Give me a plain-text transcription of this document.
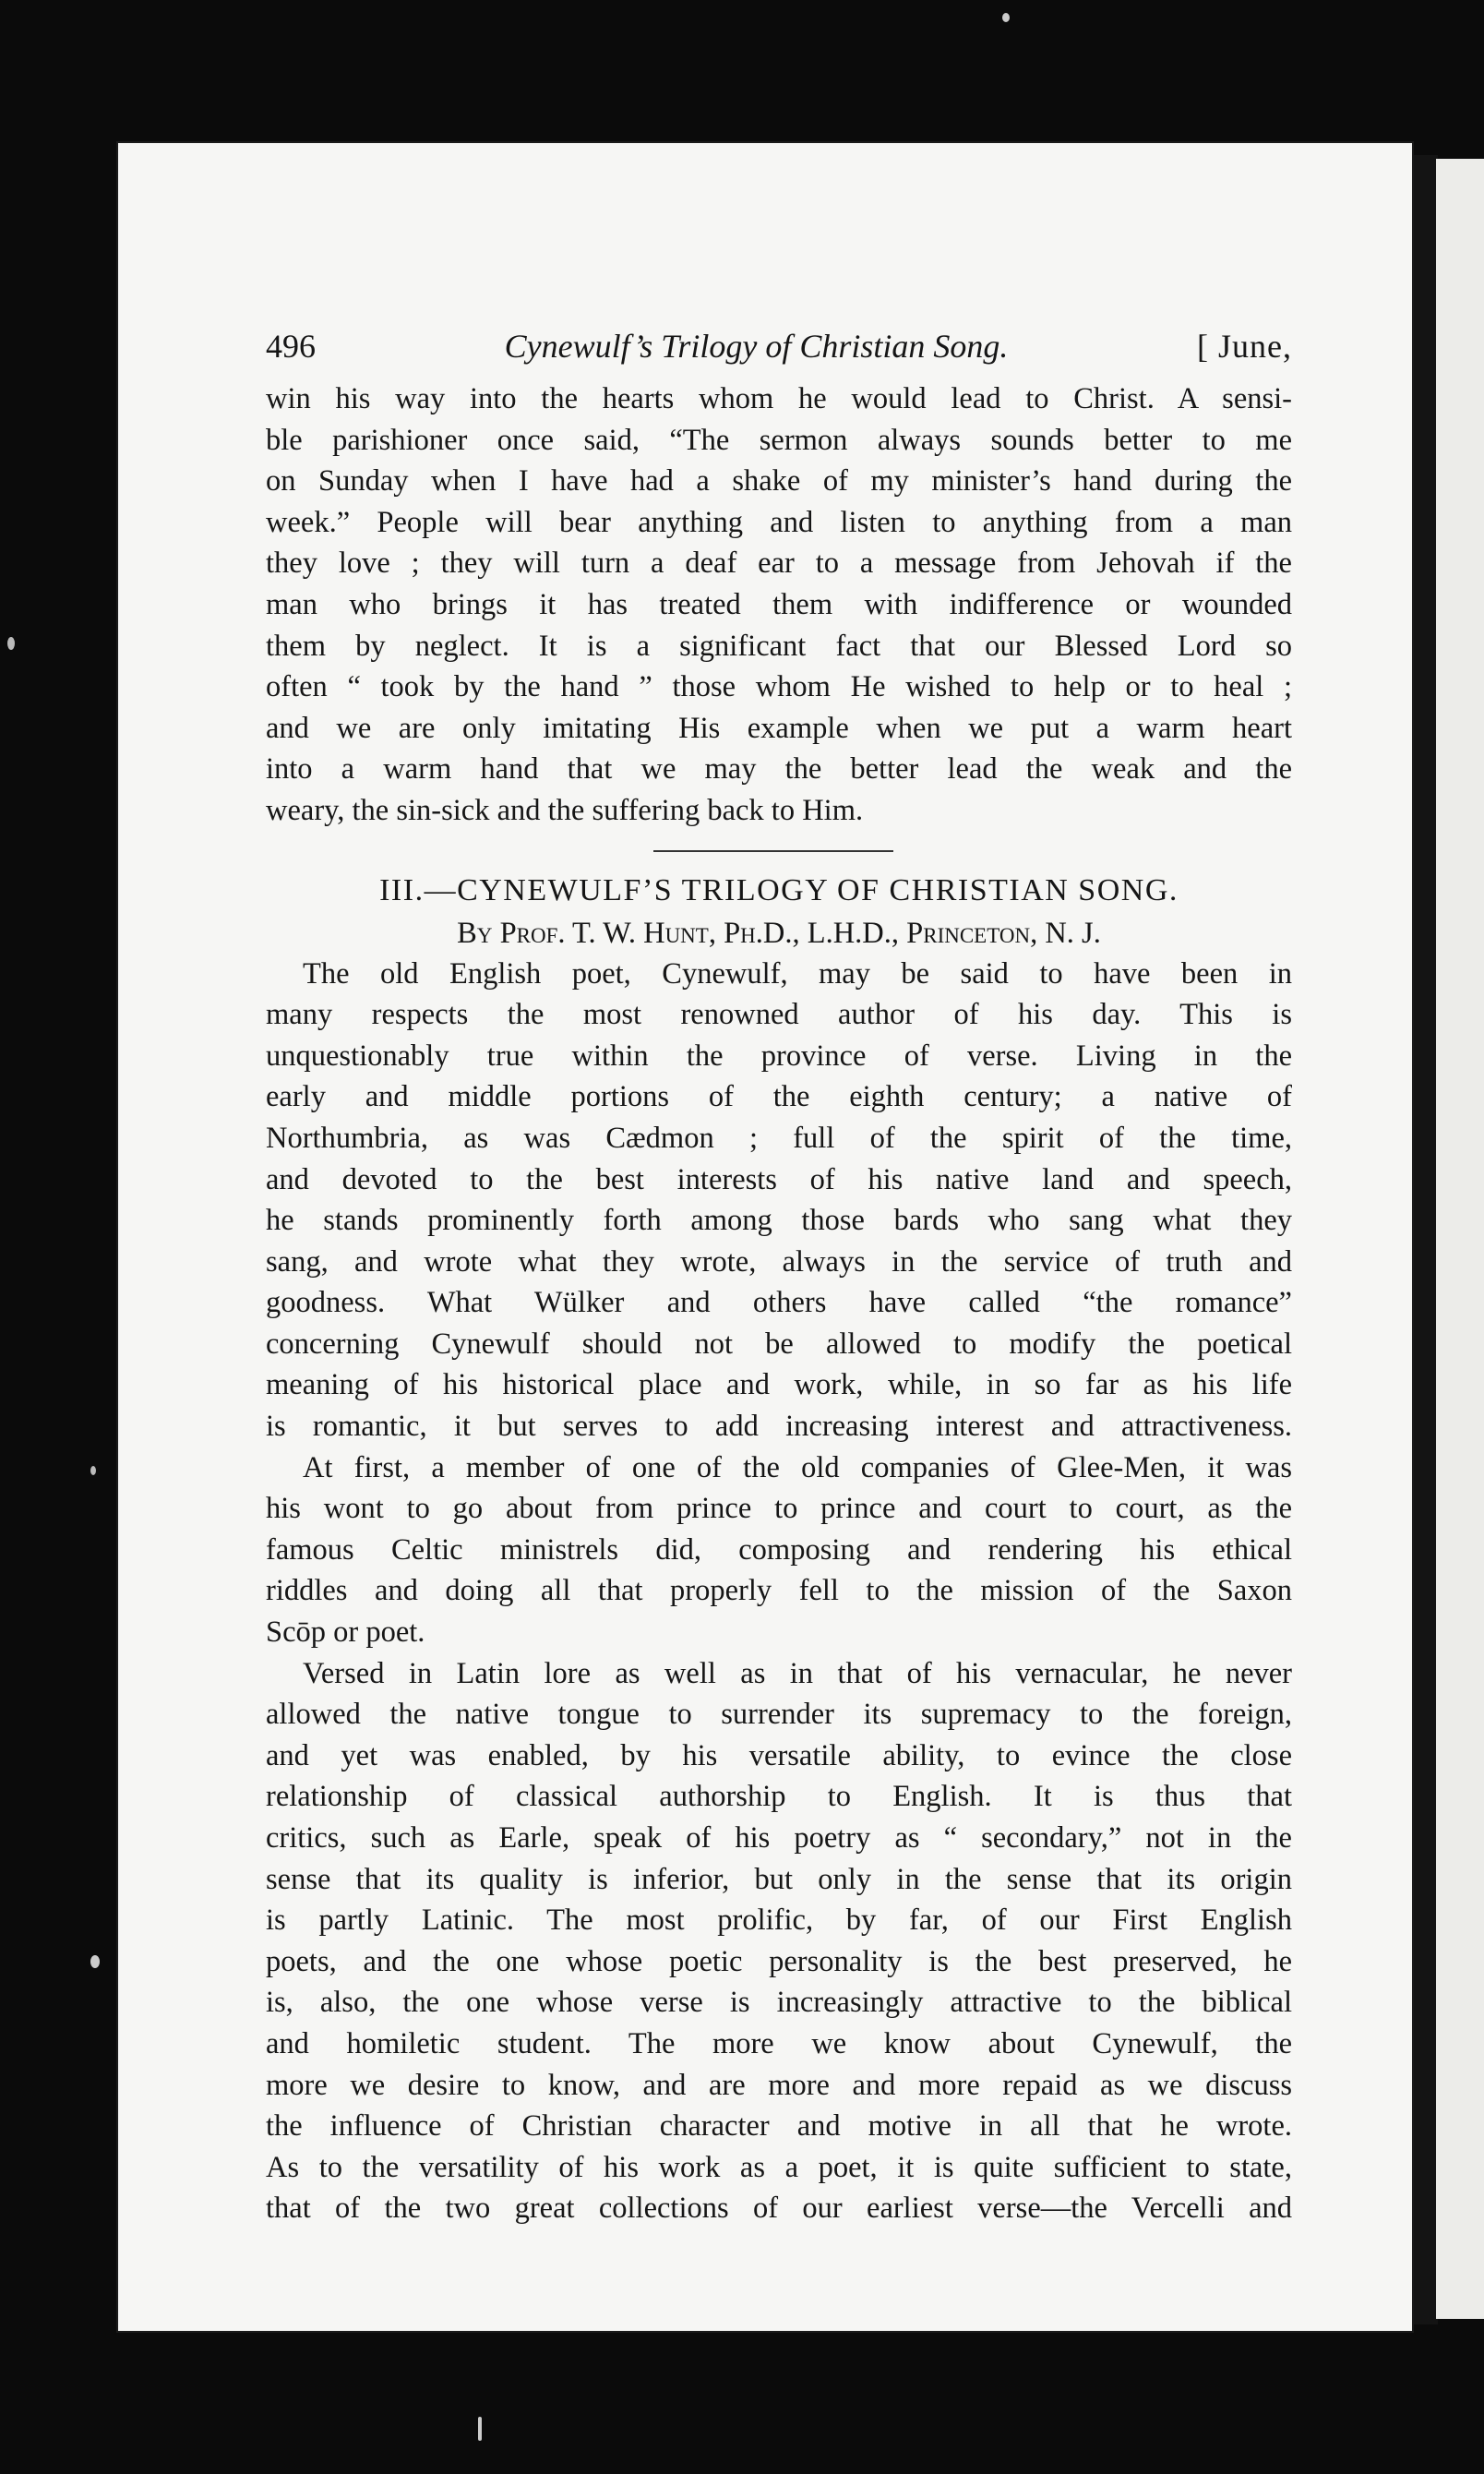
496	Cynewulf’s Trilogy of Christian Song.	[ June,
win his way into the hearts whom he would lead to Christ. A sensi-
ble parishioner once said, “The sermon always sounds better to me
on Sunday when I have had a shake of my minister’s hand during the
week.” People will bear anything and listen to anything from a man
they love ; they will turn a deaf ear to a message from Jehovah if the
man who brings it has treated them with indifference or wounded
them by neglect. It is a significant fact that our Blessed Lord so
often “ took by the hand ” those whom He wished to help or to heal ;
and we are only imitating His example when we put a warm heart
into a warm hand that we may the better lead the weak and the
weary, the sin-sick and the suffering back to Him.
III.—CYNEWULF’S TRILOGY OF CHRISTIAN SONG.
By Prof. T. W. Hunt, Ph.D., L.H.D., Princeton, N. J.
The old English poet, Cynewulf, may be said to have been in
many respects the most renowned author of his day. This is
unquestionably true within the province of verse. Living in the
early and middle portions of the eighth century; a native of
Northumbria, as was Cædmon ; full of the spirit of the time,
and devoted to the best interests of his native land and speech,
he stands prominently forth among those bards who sang what they
sang, and wrote what they wrote, always in the service of truth and
goodness. What Wülker and others have called “the romance”
concerning Cynewulf should not be allowed to modify the poetical
meaning of his historical place and work, while, in so far as his life
is romantic, it but serves to add increasing interest and attractiveness.
At first, a member of one of the old companies of Glee-Men, it was
his wont to go about from prince to prince and court to court, as the
famous Celtic ministrels did, composing and rendering his ethical
riddles and doing all that properly fell to the mission of the Saxon
Scōp or poet.
Versed in Latin lore as well as in that of his vernacular, he never
allowed the native tongue to surrender its supremacy to the foreign,
and yet was enabled, by his versatile ability, to evince the close
relationship of classical authorship to English. It is thus that
critics, such as Earle, speak of his poetry as “ secondary,” not in the
sense that its quality is inferior, but only in the sense that its origin
is partly Latinic. The most prolific, by far, of our First English
poets, and the one whose poetic personality is the best preserved, he
is, also, the one whose verse is increasingly attractive to the biblical
and homiletic student. The more we know about Cynewulf, the
more we desire to know, and are more and more repaid as we discuss
the influence of Christian character and motive in all that he wrote.
As to the versatility of his work as a poet, it is quite sufficient to state,
that of the two great collections of our earliest verse—the Vercelli and
